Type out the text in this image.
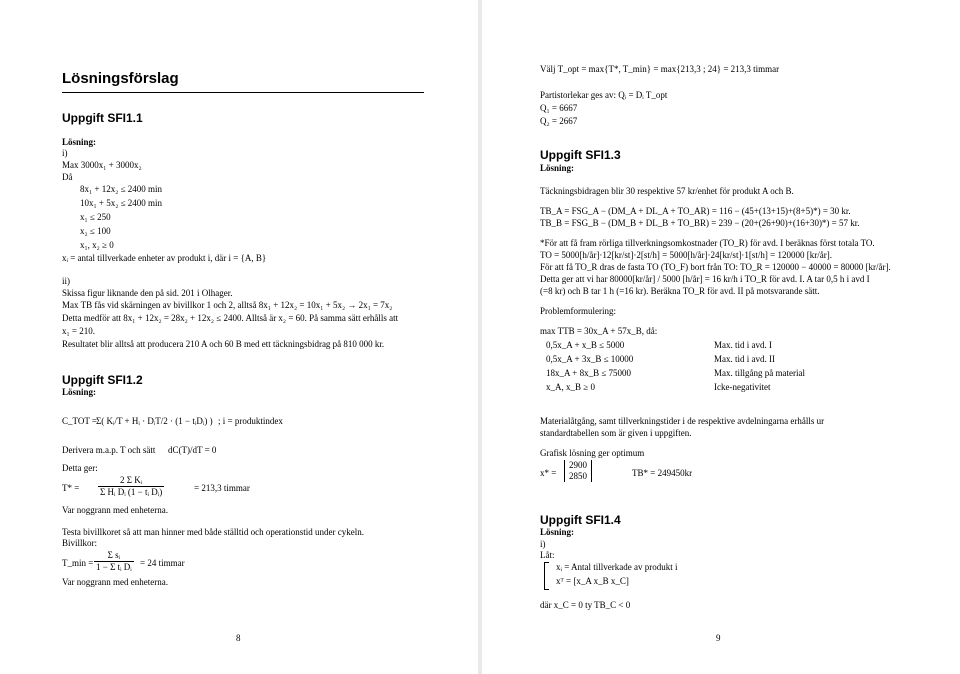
Lösningsförslag
Uppgift SFI1.1
Lösning:
i)
Max 3000x₁ + 3000x₂
Då
8x₁ + 12x₂ ≤ 2400 min
10x₁ + 5x₂ ≤ 2400 min
x₁ ≤ 250
x₂ ≤ 100
x₁, x₂ ≥ 0
xᵢ = antal tillverkade enheter av produkt i, där i = {A, B}
ii)
Skissa figur liknande den på sid. 201 i Olhager.
Max TB fås vid skärningen av bivillkor 1 och 2, alltså 8x₁ + 12x₂ = 10x₁ + 5x₂ → 2x₁ = 7x₂
Detta medför att 8x₁ + 12x₂ = 28x₂ + 12x₂ ≤ 2400. Alltså är x₂ = 60. På samma sätt erhålls att
x₁ = 210.
Resultatet blir alltså att producera 210 A och 60 B med ett täckningsbidrag på 810 000 kr.
Uppgift SFI1.2
Lösning:
C_TOT = Σ( Kᵢ/T + Hᵢ · DᵢT/2 · (1 − tᵢDᵢ) ) ; i = produktindex
Derivera m.a.p. T och sätt dC(T)/dT = 0
Detta ger:
$T* = \frac{\text{2 Σ Kᵢ}}{\text{Σ Hᵢ Dᵢ (1 − tᵢ Dᵢ)}}$	= 213,3 timmar
Var noggrann med enheterna.
Testa bivillkoret så att man hinner med både ställtid och operationstid under cykeln.
Bivillkor:
T_min = $\frac{\text{Σ sᵢ}}{\text{1 − Σ tᵢ Dᵢ}} = 24$ timmar
Var noggrann med enheterna.
8
Välj T_opt = max{T*, T_min} = max{213,3 ; 24} = 213,3 timmar
Partistorlekar ges av: Qᵢ = Dᵢ T_opt
Q₁ = 6667
Q₂ = 2667
Uppgift SFI1.3
Lösning:
Täckningsbidragen blir 30 respektive 57 kr/enhet för produkt A och B.
TB_A = FSG_A − (DM_A + DL_A + TO_AR) = 116 − (45+(13+15)+(8+5)*) = 30 kr.
TB_B = FSG_B − (DM_B + DL_B + TO_BR) = 239 − (20+(26+90)+(16+30)*) = 57 kr.
*För att få fram rörliga tillverkningsomkostnader (TO_R) för avd. I beräknas först totala TO.
TO = 5000[h/år]·12[kr/st]·2[st/h] = 5000[h/år]·24[kr/st]·1[st/h] = 120000 [kr/år].
För att få TO_R dras de fasta TO (TO_F) bort från TO: TO_R = 120000 − 40000 = 80000 [kr/år].
Detta ger att vi har 80000[kr/år] / 5000 [h/år] = 16 kr/h i TO_R för avd. I. A tar 0,5 h i avd I
(=8 kr) och B tar 1 h (=16 kr). Beräkna TO_R för avd. II på motsvarande sätt.
Problemformulering:
max TTB = 30x_A + 57x_B, då:
0,5x_A + x_B ≤ 5000	Max. tid i avd. I
0,5x_A + 3x_B ≤ 10000	Max. tid i avd. II
18x_A + 8x_B ≤ 75000	Max. tillgång på material
x_A, x_B ≥ 0	Icke-negativitet
Materialåtgång, samt tillverkningstider i de respektive avdelningarna erhålls ur
standardtabellen som är given i uppgiften.
Grafisk lösning ger optimum
x* =
2900
2850	TB* = 249450kr
Uppgift SFI1.4
Lösning:
i)
Låt:
xᵢ = Antal tillverkade av produkt i
xᵀ = [x_A x_B x_C]
där x_C = 0 ty TB_C < 0
9
